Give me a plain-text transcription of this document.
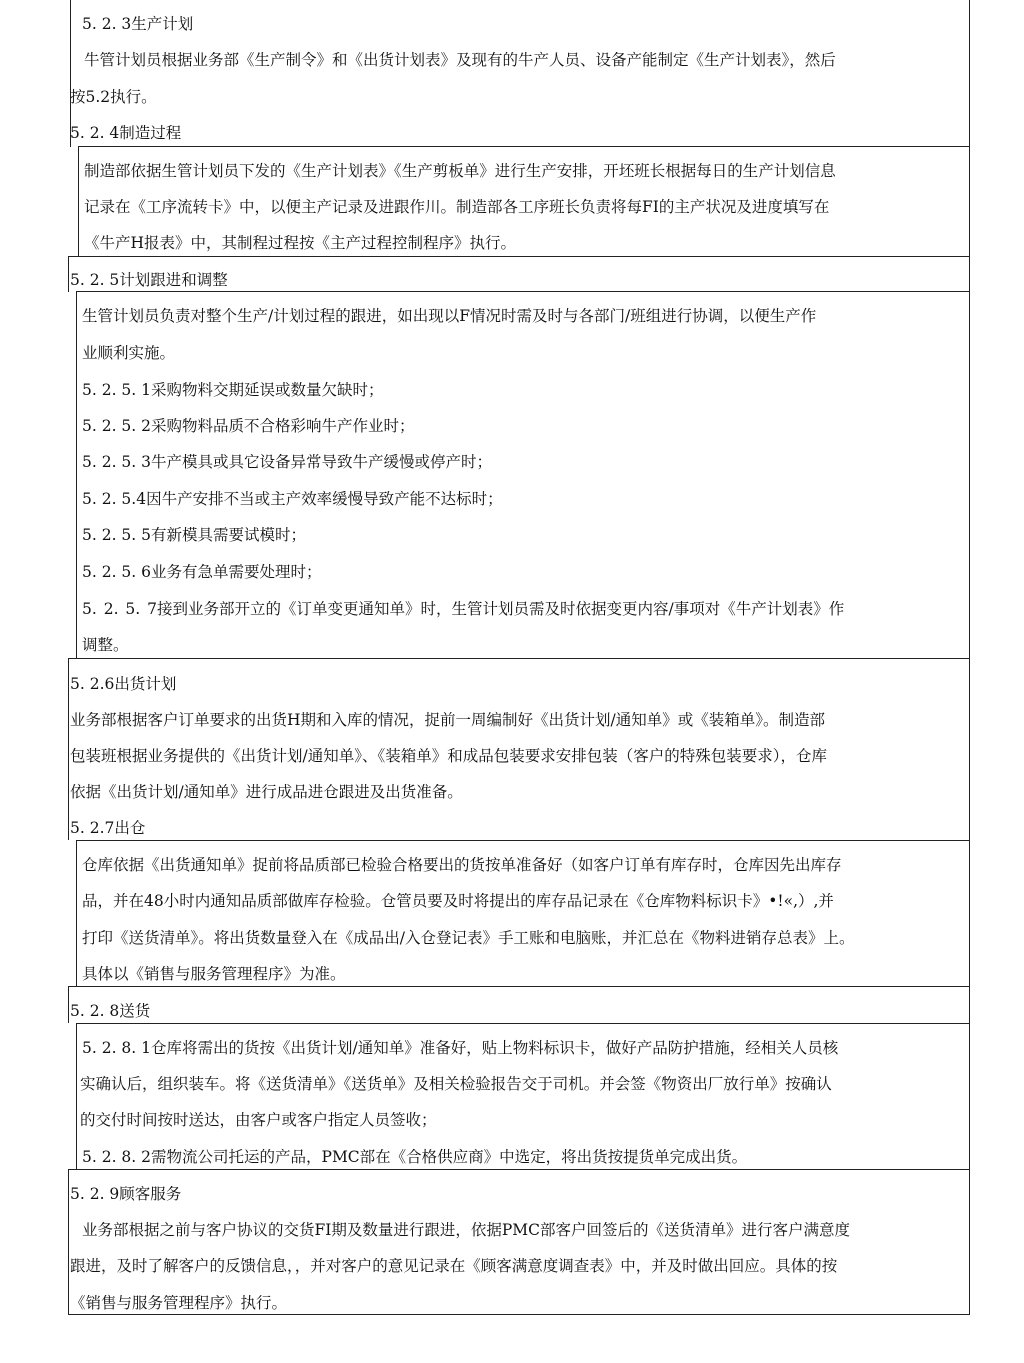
5. 2. 3生产计划
牛管计划员根据业务部《生产制令》和《出货计划表》及现有的牛产人员、设备产能制定《生产计划表》，然后
按5.2执行。
5. 2. 4制造过程
制造部依据生管计划员下发的《生产计划表》《生产剪板单》进行生产安排，开坯班长根据每日的生产计划信息
记录在《工序流转卡》中，以便主产记录及进跟作川。制造部各工序班长负责将每FI的主产状况及进度填写在
《牛产H报表》中，其制程过程按《主产过程控制程序》执行。
5. 2. 5计划跟进和调整
生管计划员负责对整个生产/计划过程的跟进，如出现以F情况时需及时与各部门/班组进行协调，以便生产作
业顺利实施。
5. 2. 5. 1采购物料交期延误或数量欠缺时；
5. 2. 5. 2采购物料品质不合格彩响牛产作业时；
5. 2. 5. 3牛产模具或具它设备异常导致牛产缓慢或停产时；
5. 2. 5.4因牛产安排不当或主产效率缓慢导致产能不达标时；
5. 2. 5. 5有新模具需要试模时；
5. 2. 5. 6业务有急单需要处理时；
5. 2. 5. 7接到业务部开立的《订单变更通知单》时，生管计划员需及时依据变更内容/事项对《牛产计划表》作
调整。
5. 2.6出货计划
业务部根据客户订单要求的出货H期和入库的情况，捉前一周编制好《出货计划/通知单》或《装箱单》。制造部
包装班根据业务提供的《出货计划/通知单》、《装箱单》和成品包装要求安排包装（客户的特殊包装要求），仓库
依据《出货计划/通知单》进行成品进仓跟进及出货准备。
5. 2.7出仓
仓库依据《出货通知单》捉前将品质部已检验合格要出的货按单准备好（如客户订单有库存时，仓库因先出库存
品，并在48小时内通知品质部做库存检验。仓管员要及时将提出的库存品记录在《仓库物料标识卡》•!«,）,并
打印《送货清单》。将出货数量登入在《成品出/入仓登记表》手工账和电脑账，并汇总在《物料进销存总表》上。
具体以《销售与服务管理程序》为准。
5. 2. 8送货
5. 2. 8. 1仓库将需出的货按《出货计划/通知单》准备好，贴上物料标识卡，做好产品防护措施，经相关人员核
实确认后，组织装车。将《送货清单》《送货单》及相关检验报告交于司机。并会签《物资出厂放行单》按确认
的交付时间按时送达，由客户或客户指定人员签收；
5. 2. 8. 2需物流公司托运的产品，PMC部在《合格供应商》中选定，将出货按提货单完成出货。
5. 2. 9顾客服务
业务部根据之前与客户协议的交货FI期及数量进行跟进，依据PMC部客户回签后的《送货清单》进行客户满意度
跟进，及时了解客户的反馈信息，，并对客户的意见记录在《顾客满意度调查表》中，并及时做出回应。具体的按
《销售与服务管理程序》执行。
